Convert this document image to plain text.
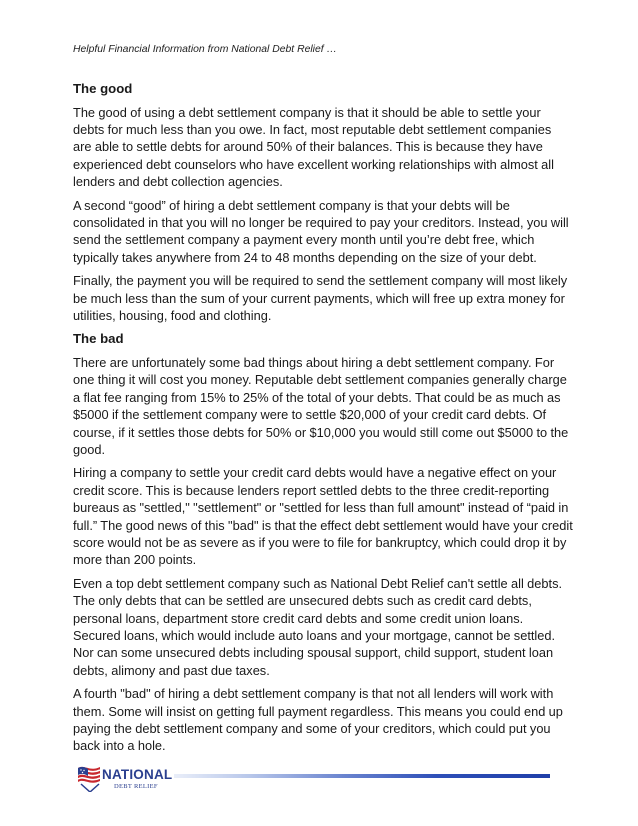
Helpful Financial Information from National Debt Relief …
The good

The good of using a debt settlement company is that it should be able to settle your debts for much less than you owe. In fact, most reputable debt settlement companies are able to settle debts for around 50% of their balances. This is because they have experienced debt counselors who have excellent working relationships with almost all lenders and debt collection agencies.

A second “good” of hiring a debt settlement company is that your debts will be consolidated in that you will no longer be required to pay your creditors. Instead, you will send the settlement company a payment every month until you’re debt free, which typically takes anywhere from 24 to 48 months depending on the size of your debt.

Finally, the payment you will be required to send the settlement company will most likely be much less than the sum of your current payments, which will free up extra money for utilities, housing, food and clothing.

The bad

There are unfortunately some bad things about hiring a debt settlement company. For one thing it will cost you money. Reputable debt settlement companies generally charge a flat fee ranging from 15% to 25% of the total of your debts. That could be as much as $5000 if the settlement company were to settle $20,000 of your credit card debts. Of course, if it settles those debts for 50% or $10,000 you would still come out $5000 to the good.

Hiring a company to settle your credit card debts would have a negative effect on your credit score. This is because lenders report settled debts to the three credit-reporting bureaus as "settled," "settlement" or "settled for less than full amount" instead of “paid in full.” The good news of this "bad" is that the effect debt settlement would have your credit score would not be as severe as if you were to file for bankruptcy, which could drop it by more than 200 points.

Even a top debt settlement company such as National Debt Relief can't settle all debts. The only debts that can be settled are unsecured debts such as credit card debts, personal loans, department store credit card debts and some credit union loans. Secured loans, which would include auto loans and your mortgage, cannot be settled. Nor can some unsecured debts including spousal support, child support, student loan debts, alimony and past due taxes.

A fourth "bad" of hiring a debt settlement company is that not all lenders will work with them. Some will insist on getting full payment regardless. This means you could end up paying the debt settlement company and some of your creditors, which could put you back into a hole.

NATIONAL
DEBT RELIEF
